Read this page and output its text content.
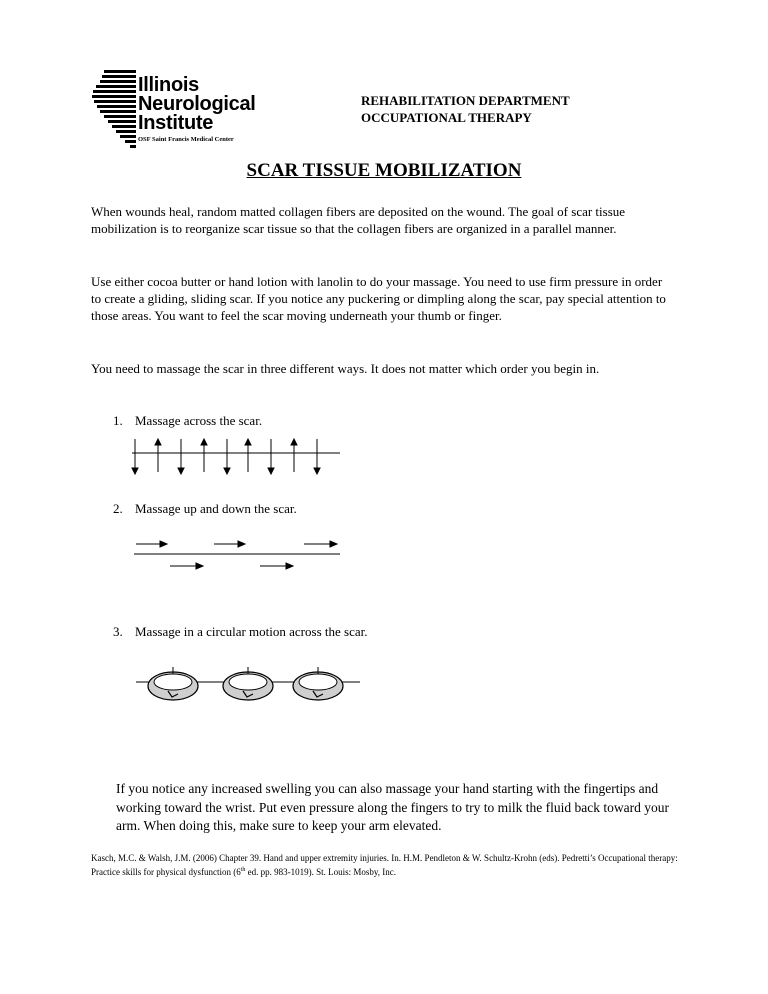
Illinois
Neurological
Institute
OSF Saint Francis Medical Center
REHABILITATION DEPARTMENT
OCCUPATIONAL THERAPY
SCAR TISSUE MOBILIZATION
When wounds heal, random matted collagen fibers are deposited on the wound. The goal of scar tissue mobilization is to reorganize scar tissue so that the collagen fibers are organized in a parallel manner.
Use either cocoa butter or hand lotion with lanolin to do your massage. You need to use firm pressure in order to create a gliding, sliding scar. If you notice any puckering or dimpling along the scar, pay special attention to those areas. You want to feel the scar moving underneath your thumb or finger.
You need to massage the scar in three different ways. It does not matter which order you begin in.
1. Massage across the scar.
2. Massage up and down the scar.
3. Massage in a circular motion across the scar.
If you notice any increased swelling you can also massage your hand starting with the fingertips and working toward the wrist. Put even pressure along the fingers to try to milk the fluid back toward your arm. When doing this, make sure to keep your arm elevated.
Kasch, M.C. & Walsh, J.M. (2006) Chapter 39. Hand and upper extremity injuries. In. H.M. Pendleton & W. Schultz-Krohn (eds). Pedretti’s Occupational therapy: Practice skills for physical dysfunction (6th ed. pp. 983-1019). St. Louis: Mosby, Inc.
